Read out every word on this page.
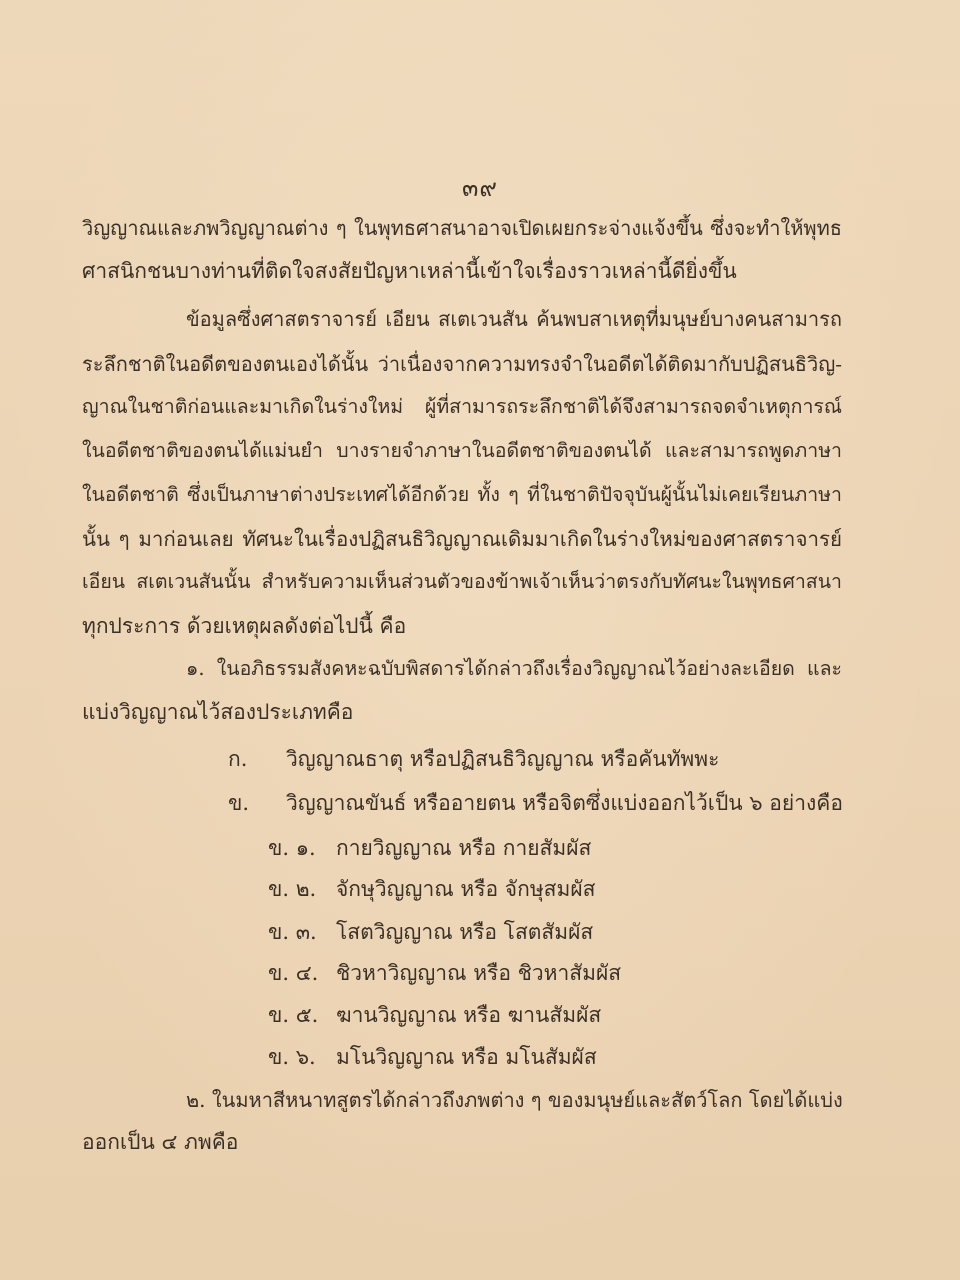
๓๙
วิญญาณและภพวิญญาณต่าง ๆ ในพุทธศาสนาอาจเปิดเผยกระจ่างแจ้งขึ้น ซึ่งจะทำให้พุทธ
ศาสนิกชนบางท่านที่ติดใจสงสัยปัญหาเหล่านี้เข้าใจเรื่องราวเหล่านี้ดียิ่งขึ้น
ข้อมูลซึ่งศาสตราจารย์ เอียน สเตเวนสัน ค้นพบสาเหตุที่มนุษย์บางคนสามารถ
ระลึกชาติในอดีตของตนเองได้นั้น ว่าเนื่องจากความทรงจำในอดีตได้ติดมากับปฏิสนธิวิญ-
ญาณในชาติก่อนและมาเกิดในร่างใหม่ ผู้ที่สามารถระลึกชาติได้จึงสามารถจดจำเหตุการณ์
ในอดีตชาติของตนได้แม่นยำ บางรายจำภาษาในอดีตชาติของตนได้ และสามารถพูดภาษา
ในอดีตชาติ ซึ่งเป็นภาษาต่างประเทศได้อีกด้วย ทั้ง ๆ ที่ในชาติปัจจุบันผู้นั้นไม่เคยเรียนภาษา
นั้น ๆ มาก่อนเลย ทัศนะในเรื่องปฏิสนธิวิญญาณเดิมมาเกิดในร่างใหม่ของศาสตราจารย์
เอียน สเตเวนสันนั้น สำหรับความเห็นส่วนตัวของข้าพเจ้าเห็นว่าตรงกับทัศนะในพุทธศาสนา
ทุกประการ ด้วยเหตุผลดังต่อไปนี้ คือ
๑. ในอภิธรรมสังคหะฉบับพิสดารได้กล่าวถึงเรื่องวิญญาณไว้อย่างละเอียด และ
แบ่งวิญญาณไว้สองประเภทคือ
ก. วิญญาณธาตุ หรือปฏิสนธิวิญญาณ หรือคันทัพพะ
ข. วิญญาณขันธ์ หรืออายตน หรือจิตซึ่งแบ่งออกไว้เป็น ๖ อย่างคือ
ข. ๑. กายวิญญาณ หรือ กายสัมผัส
ข. ๒. จักษุวิญญาณ หรือ จักษุสมผัส
ข. ๓. โสตวิญญาณ หรือ โสตสัมผัส
ข. ๔. ชิวหาวิญญาณ หรือ ชิวหาสัมผัส
ข. ๕. ฆานวิญญาณ หรือ ฆานสัมผัส
ข. ๖. มโนวิญญาณ หรือ มโนสัมผัส
๒. ในมหาสีหนาทสูตรได้กล่าวถึงภพต่าง ๆ ของมนุษย์และสัตว์โลก โดยได้แบ่ง
ออกเป็น ๔ ภพคือ
